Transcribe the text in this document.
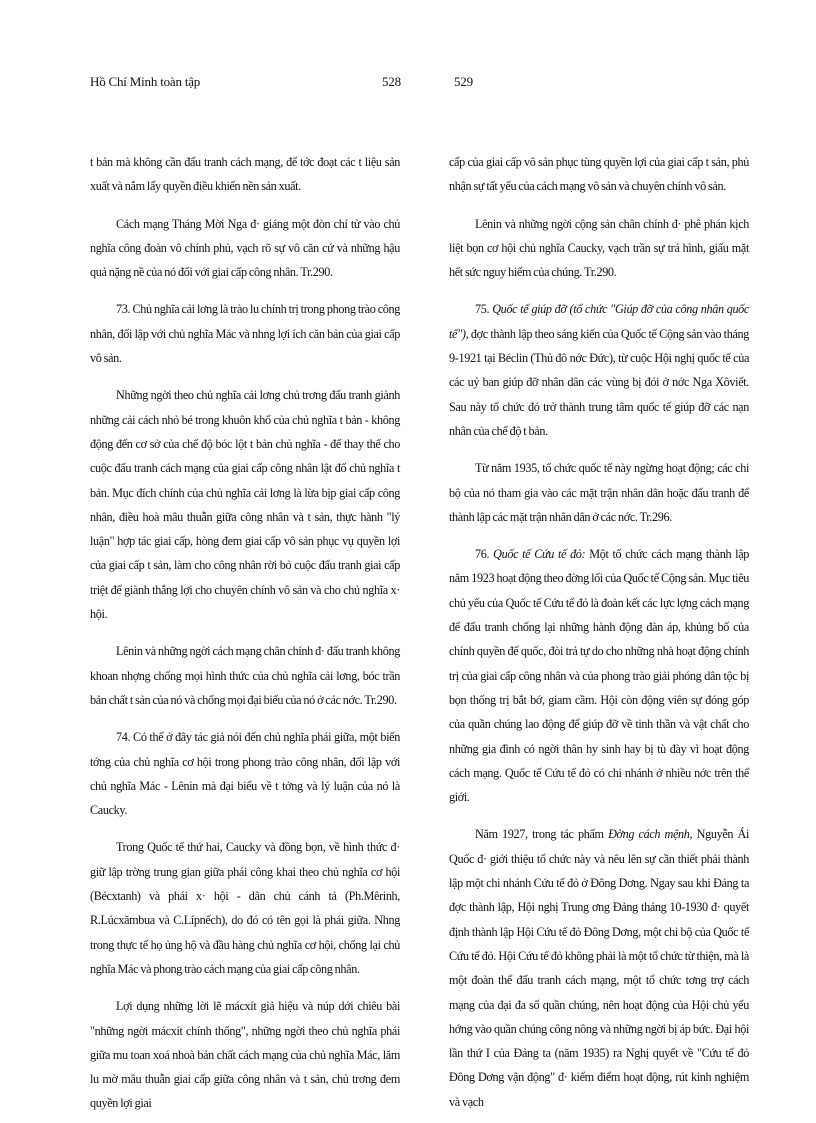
Hồ Chí Minh toàn tập	528	529

t bản mà không cần đấu tranh cách mạng, để tớc đoạt các t liệu sản xuất và nắm lấy quyền điều khiển nền sản xuất.

Cách mạng Tháng Mời Nga đ· giáng một đòn chí tử vào chủ nghĩa công đoàn vô chính phủ, vạch rõ sự vô căn cứ và những hậu quả nặng nề của nó đối với giai cấp công nhân. Tr.290.

73. Chủ nghĩa cải lơng là trào lu chính trị trong phong trào công nhân, đối lập với chủ nghĩa Mác và nhng lợi ích căn bản của giai cấp vô sản.

Những ngời theo chủ nghĩa cải lơng chủ trơng đấu tranh giành những cải cách nhỏ bé trong khuôn khổ của chủ nghĩa t bản - không động đến cơ sở của chế độ bóc lột t bản chủ nghĩa - để thay thế cho cuộc đấu tranh cách mạng của giai cấp công nhân lật đổ chủ nghĩa t bản. Mục đích chính của chủ nghĩa cải lơng là lừa bịp giai cấp công nhân, điều hoà mâu thuẫn giữa công nhân và t sản, thực hành "lý luận" hợp tác giai cấp, hòng đem giai cấp vô sản phục vụ quyền lợi của giai cấp t sản, làm cho công nhân rời bỏ cuộc đấu tranh giai cấp triệt để giành thắng lợi cho chuyên chính vô sản và cho chủ nghĩa x· hội.

Lênin và những ngời cách mạng chân chính đ· đấu tranh không khoan nhợng chống mọi hình thức của chủ nghĩa cải lơng, bóc trần bản chất t sản của nó và chống mọi đại biểu của nó ở các nớc. Tr.290.

74. Có thể ở đây tác giả nói đến chủ nghĩa phái giữa, một biến tớng của chủ nghĩa cơ hội trong phong trào công nhân, đối lập với chủ nghĩa Mác - Lênin mà đại biểu về t tởng và lý luận của nó là Caucky.

Trong Quốc tế thứ hai, Caucky và đồng bọn, về hình thức đ· giữ lập trờng trung gian giữa phái công khai theo chủ nghĩa cơ hội (Bécxtanh) và phái x· hội - dân chủ cánh tả (Ph.Mêrinh, R.Lúcxămbua và C.Lípnếch), do đó có tên gọi là phái giữa. Nhng trong thực tế họ ủng hộ và đầu hàng chủ nghĩa cơ hội, chống lại chủ nghĩa Mác và phong trào cách mạng của giai cấp công nhân.

Lợi dụng những lời lẽ mácxít giả hiệu và núp dới chiêu bài "những ngời mácxít chính thống", những ngời theo chủ nghĩa phái giữa mu toan xoá nhoà bản chất cách mạng của chủ nghĩa Mác, lăm lu mờ mâu thuẫn giai cấp giữa công nhân và t sản, chủ trơng đem quyền lợi giai

cấp của giai cấp vô sản phục tùng quyền lợi của giai cấp t sản, phủ nhận sự tất yếu của cách mạng vô sản và chuyên chính vô sản.

Lênin và những ngời cộng sản chân chính đ· phê phán kịch liệt bọn cơ hội chủ nghĩa Caucky, vạch trần sự trá hình, giấu mặt hết sức nguy hiểm của chúng. Tr.290.

75. Quốc tế giúp đỡ (tổ chức "Giúp đỡ của công nhân quốc tế"), đợc thành lập theo sáng kiến của Quốc tế Cộng sản vào tháng 9-1921 tại Béclin (Thủ đô nớc Đức), từ cuộc Hội nghị quốc tế của các uỷ ban giúp đỡ nhân dân các vùng bị đói ở nớc Nga Xôviết. Sau này tổ chức đó trở thành trung tâm quốc tế giúp đỡ các nạn nhân của chế độ t bản.

Từ năm 1935, tổ chức quốc tế này ngừng hoạt động; các chi bộ của nó tham gia vào các mặt trận nhân dân hoặc đấu tranh để thành lập các mặt trận nhân dân ở các nớc. Tr.296.

76. Quốc tế Cứu tế đỏ: Một tổ chức cách mạng thành lập năm 1923 hoạt động theo đờng lối của Quốc tế Cộng sản. Mục tiêu chủ yếu của Quốc tế Cứu tế đỏ là đoàn kết các lực lợng cách mạng để đấu tranh chống lại những hành động đàn áp, khủng bố của chính quyền đế quốc, đòi trả tự do cho những nhà hoạt động chính trị của giai cấp công nhân và của phong trào giải phóng dân tộc bị bọn thống trị bắt bớ, giam cầm. Hội còn động viên sự đóng góp của quần chúng lao động để giúp đỡ về tinh thần và vật chất cho những gia đình có ngời thân hy sinh hay bị tù đày vì hoạt động cách mạng. Quốc tế Cứu tế đỏ có chi nhánh ở nhiều nớc trên thế giới.

Năm 1927, trong tác phẩm Đờng cách mệnh, Nguyễn Ái Quốc đ· giới thiệu tổ chức này và nêu lên sự cần thiết phải thành lập một chi nhánh Cứu tế đỏ ở Đông Dơng. Ngay sau khi Đảng ta đợc thành lập, Hội nghị Trung ơng Đảng tháng 10-1930 đ· quyết định thành lập Hội Cứu tế đỏ Đông Dơng, một chi bộ của Quốc tế Cứu tế đỏ. Hội Cứu tế đỏ không phải là một tổ chức từ thiện, mà là một đoàn thể đấu tranh cách mạng, một tổ chức tơng trợ cách mạng của đại đa số quần chúng, nên hoạt động của Hội chủ yếu hớng vào quần chúng công nông và những ngời bị áp bức. Đại hội lần thứ I của Đảng ta (năm 1935) ra Nghị quyết về "Cứu tế đỏ Đông Dơng vận động" đ· kiểm điểm hoạt động, rút kinh nghiệm và vạch
